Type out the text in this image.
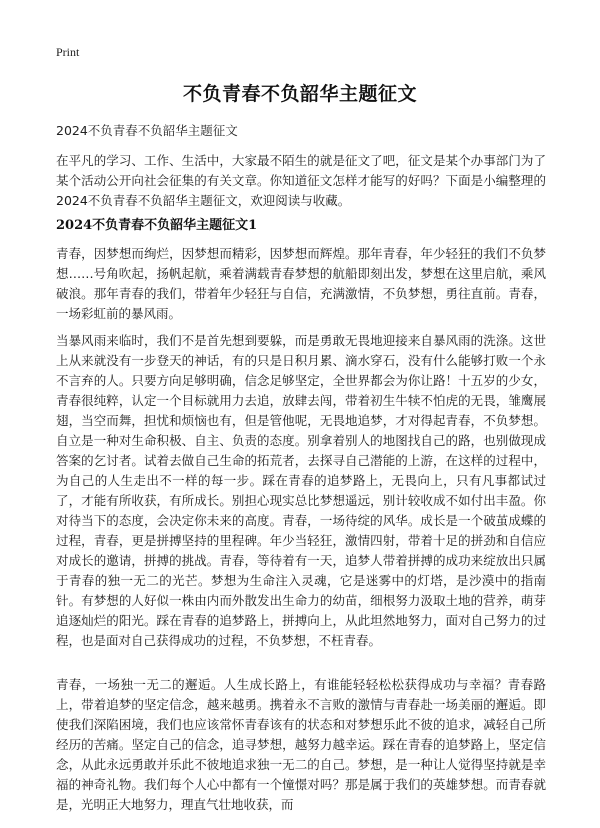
Print
不负青春不负韶华主题征文
2024不负青春不负韶华主题征文

在平凡的学习、工作、生活中，大家最不陌生的就是征文了吧，征文是某个办事部门为了某个活动公开向社会征集的有关文章。你知道征文怎样才能写的好吗？下面是小编整理的2024不负青春不负韶华主题征文，欢迎阅读与收藏。

2024不负青春不负韶华主题征文1

青春，因梦想而绚烂，因梦想而精彩，因梦想而辉煌。那年青春，年少轻狂的我们不负梦想……号角吹起，扬帆起航，乘着满载青春梦想的航船即刻出发，梦想在这里启航，乘风破浪。那年青春的我们，带着年少轻狂与自信，充满激情，不负梦想，勇往直前。青春，一场彩虹前的暴风雨。

当暴风雨来临时，我们不是首先想到要躲，而是勇敢无畏地迎接来自暴风雨的洗涤。这世上从来就没有一步登天的神话，有的只是日积月累、滴水穿石，没有什么能够打败一个永不言弃的人。只要方向足够明确，信念足够坚定，全世界都会为你让路！十五岁的少女，青春很纯粹，认定一个目标就用力去追，放肆去闯，带着初生牛犊不怕虎的无畏，雏鹰展翅，当空而舞，担忧和烦恼也有，但是管他呢，无畏地追梦，才对得起青春，不负梦想。自立是一种对生命积极、自主、负责的态度。别拿着别人的地图找自己的路，也别做现成答案的乞讨者。试着去做自己生命的拓荒者，去探寻自己潜能的上游，在这样的过程中，为自己的人生走出不一样的每一步。踩在青春的追梦路上，无畏向上，只有凡事都试过了，才能有所收获，有所成长。别担心现实总比梦想遥远，别计较收成不如付出丰盈。你对待当下的态度，会决定你未来的高度。青春，一场待绽的风华。成长是一个破茧成蝶的过程，青春，更是拼搏坚持的里程碑。年少当轻狂，激情四射，带着十足的拼劲和自信应对成长的邀请，拼搏的挑战。青春，等待着有一天，追梦人带着拼搏的成功来绽放出只属于青春的独一无二的光芒。梦想为生命注入灵魂，它是迷雾中的灯塔，是沙漠中的指南针。有梦想的人好似一株由内而外散发出生命力的幼苗，细根努力汲取土地的营养，萌芽追逐灿烂的阳光。踩在青春的追梦路上，拼搏向上，从此坦然地努力，面对自己努力的过程，也是面对自己获得成功的过程，不负梦想，不枉青春。

青春，一场独一无二的邂逅。人生成长路上，有谁能轻轻松松获得成功与幸福？青春路上，带着追梦的坚定信念，越来越勇。携着永不言败的激情与青春赴一场美丽的邂逅。即使我们深陷困境，我们也应该常怀青春该有的状态和对梦想乐此不彼的追求，减轻自己所经历的苦痛。坚定自己的信念，追寻梦想，越努力越幸运。踩在青春的追梦路上，坚定信念，从此永远勇敢并乐此不彼地追求独一无二的自己。梦想，是一种让人觉得坚持就是幸福的神奇礼物。我们每个人心中都有一个憧憬对吗？那是属于我们的英雄梦想。而青春就是，光明正大地努力，理直气壮地收获，而
